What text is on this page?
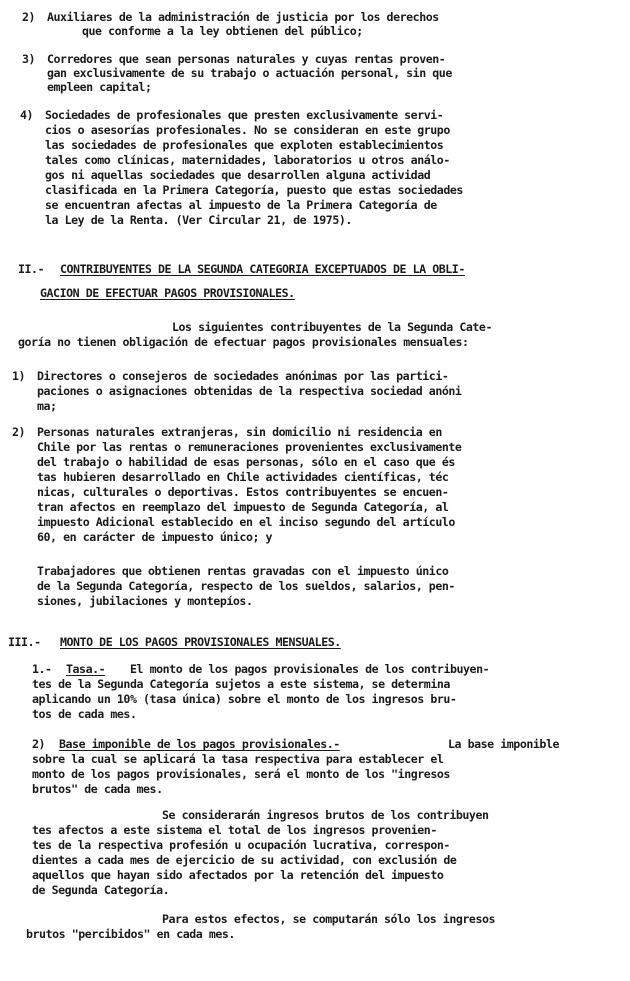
2) Auxiliares de la administración de justicia por los derechos
que conforme a la ley obtienen del público;
3) Corredores que sean personas naturales y cuyas rentas proven-
gan exclusivamente de su trabajo o actuación personal, sin que
empleen capital;
4) Sociedades de profesionales que presten exclusivamente servi-
cios o asesorías profesionales. No se consideran en este grupo
las sociedades de profesionales que exploten establecimientos
tales como clínicas, maternidades, laboratorios u otros análo-
gos ni aquellas sociedades que desarrollen alguna actividad
clasificada en la Primera Categoría, puesto que estas sociedades
se encuentran afectas al impuesto de la Primera Categoría de
la Ley de la Renta. (Ver Circular 21, de 1975).
II.- CONTRIBUYENTES DE LA SEGUNDA CATEGORIA EXCEPTUADOS DE LA OBLI-
GACION DE EFECTUAR PAGOS PROVISIONALES.
Los siguientes contribuyentes de la Segunda Cate-
goría no tienen obligación de efectuar pagos provisionales mensuales:
1) Directores o consejeros de sociedades anónimas por las partici-
paciones o asignaciones obtenidas de la respectiva sociedad anóni
ma;
2) Personas naturales extranjeras, sin domicilio ni residencia en
Chile por las rentas o remuneraciones provenientes exclusivamente
del trabajo o habilidad de esas personas, sólo en el caso que és
tas hubieren desarrollado en Chile actividades científicas, téc
nicas, culturales o deportivas. Estos contribuyentes se encuen-
tran afectos en reemplazo del impuesto de Segunda Categoría, al
impuesto Adicional establecido en el inciso segundo del artículo
60, en carácter de impuesto único; y
Trabajadores que obtienen rentas gravadas con el impuesto único
de la Segunda Categoría, respecto de los sueldos, salarios, pen-
siones, jubilaciones y montepíos.
III.- MONTO DE LOS PAGOS PROVISIONALES MENSUALES.
1.- Tasa.- El monto de los pagos provisionales de los contribuyen-
tes de la Segunda Categoría sujetos a este sistema, se determina
aplicando un 10% (tasa única) sobre el monto de los ingresos bru-
tos de cada mes.
2) Base imponible de los pagos provisionales.-	La base imponible
sobre la cual se aplicará la tasa respectiva para establecer el
monto de los pagos provisionales, será el monto de los "ingresos
brutos" de cada mes.
Se considerarán ingresos brutos de los contribuyen
tes afectos a este sistema el total de los ingresos provenien-
tes de la respectiva profesión u ocupación lucrativa, correspon-
dientes a cada mes de ejercicio de su actividad, con exclusión de
aquellos que hayan sido afectados por la retención del impuesto
de Segunda Categoría.
Para estos efectos, se computarán sólo los ingresos
brutos "percibidos" en cada mes.
